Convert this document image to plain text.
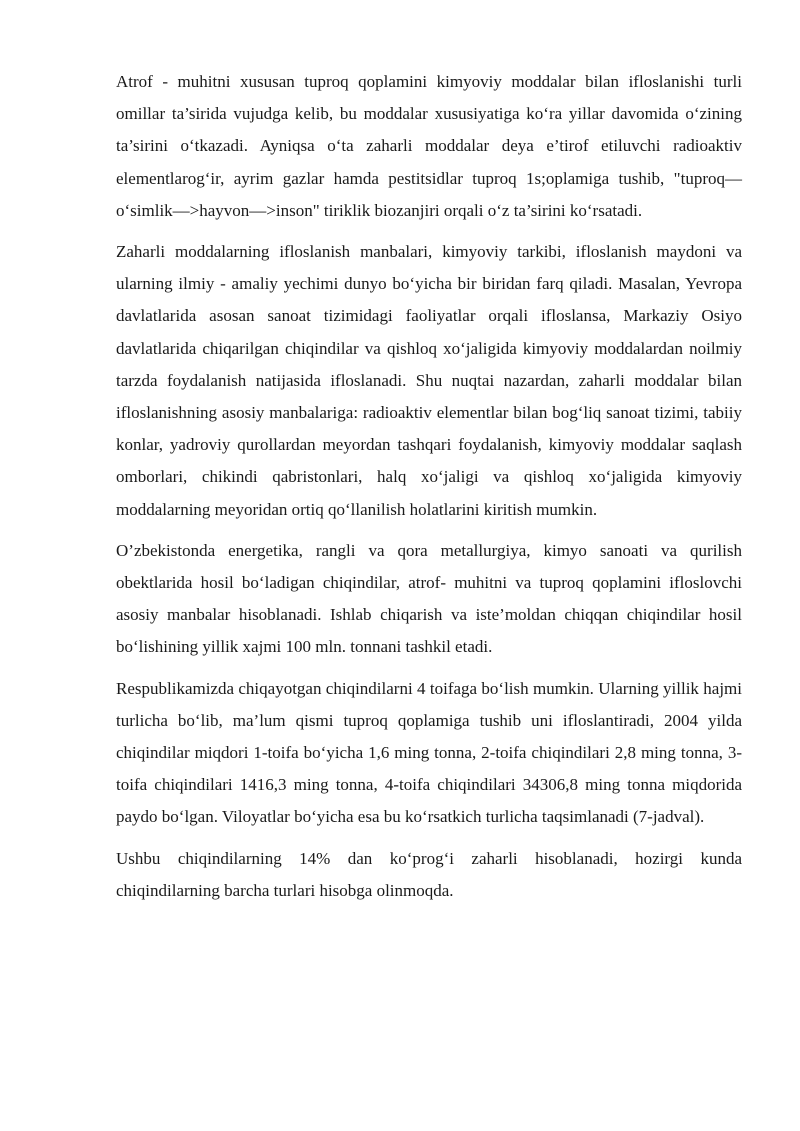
Atrof - muhitni xususan tuproq qoplamini kimyoviy moddalar bilan ifloslanishi turli omillar ta’sirida vujudga kelib, bu moddalar xususiyatiga ko‘ra yillar davomida o‘zining ta’sirini o‘tkazadi. Ayniqsa o‘ta zaharli moddalar deya e’tirof etiluvchi radioaktiv elementlarog‘ir, ayrim gazlar hamda pestitsidlar tuproq 1s;oplamiga tushib, "tuproq—o‘simlik—>hayvon—>inson" tiriklik biozanjiri orqali o‘z ta’sirini ko‘rsatadi.

Zaharli moddalarning ifloslanish manbalari, kimyoviy tarkibi, ifloslanish maydoni va ularning ilmiy - amaliy yechimi dunyo bo‘yicha bir biridan farq qiladi. Masalan, Yevropa davlatlarida asosan sanoat tizimidagi faoliyatlar orqali ifloslansa, Markaziy Osiyo davlatlarida chiqarilgan chiqindilar va qishloq xo‘jaligida kimyoviy moddalardan noilmiy tarzda foydalanish natijasida ifloslanadi. Shu nuqtai nazardan, zaharli moddalar bilan ifloslanishning asosiy manbalariga: radioaktiv elementlar bilan bog‘liq sanoat tizimi, tabiiy konlar, yadroviy qurollardan meyordan tashqari foydalanish, kimyoviy moddalar saqlash omborlari, chikindi qabristonlari, halq xo‘jaligi va qishloq xo‘jaligida kimyoviy moddalarning meyoridan ortiq qo‘llanilish holatlarini kiritish mumkin.

O’zbekistonda energetika, rangli va qora metallurgiya, kimyo sanoati va qurilish obektlarida hosil bo‘ladigan chiqindilar, atrof- muhitni va tuproq qoplamini ifloslovchi asosiy manbalar hisoblanadi. Ishlab chiqarish va iste’moldan chiqqan chiqindilar hosil bo‘lishining yillik xajmi 100 mln. tonnani tashkil etadi.

Respublikamizda chiqayotgan chiqindilarni 4 toifaga bo‘lish mumkin. Ularning yillik hajmi turlicha bo‘lib, ma’lum qismi tuproq qoplamiga tushib uni ifloslantiradi, 2004 yilda chiqindilar miqdori 1-toifa bo‘yicha 1,6 ming tonna, 2-toifa chiqindilari 2,8 ming tonna, 3-toifa chiqindilari 1416,3 ming tonna, 4-toifa chiqindilari 34306,8 ming tonna miqdorida paydo bo‘lgan. Viloyatlar bo‘yicha esa bu ko‘rsatkich turlicha taqsimlanadi (7-jadval).

Ushbu chiqindilarning 14% dan ko‘prog‘i zaharli hisoblanadi, hozirgi kunda chiqindilarning barcha turlari hisobga olinmoqda.
